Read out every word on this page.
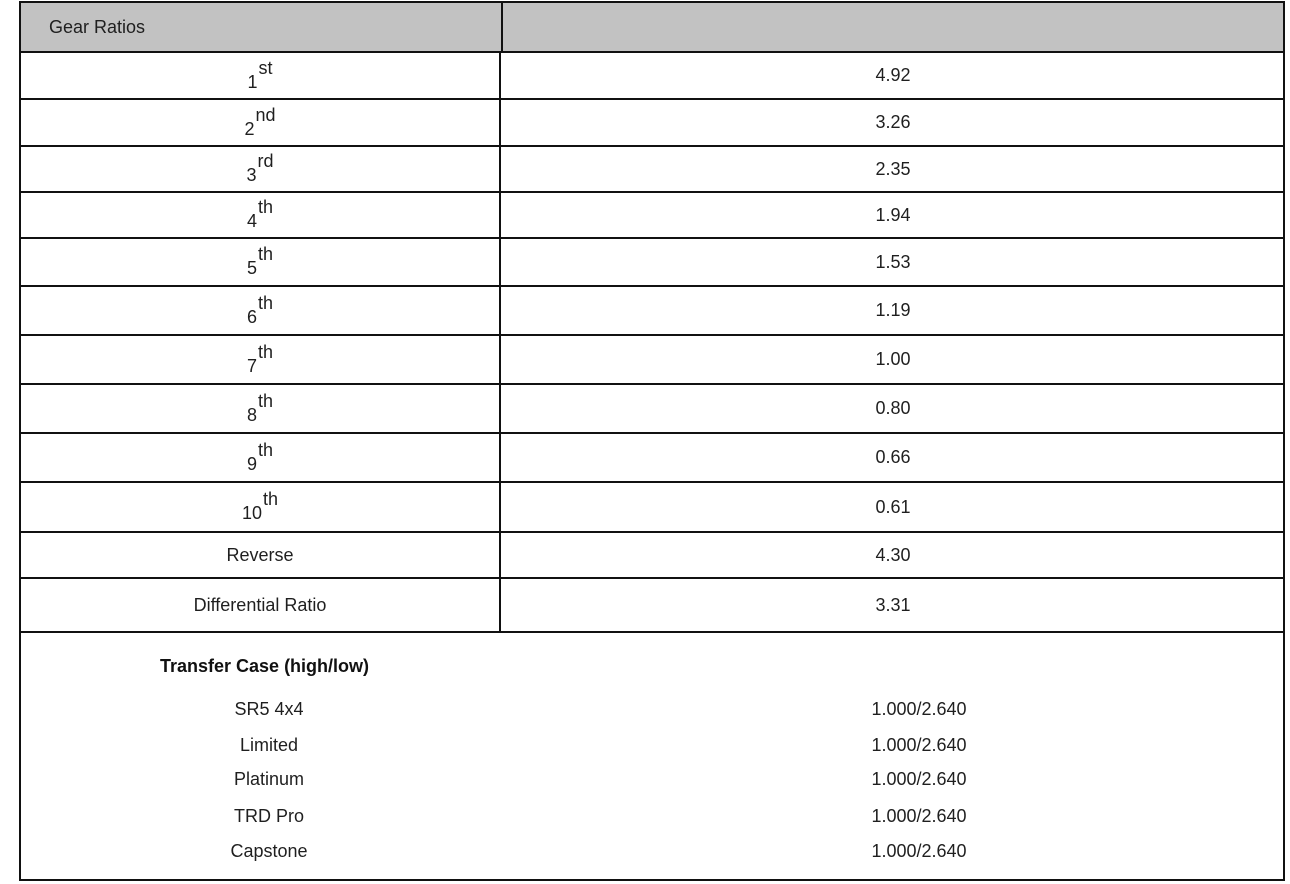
Gear Ratios
1st	4.92
2nd	3.26
3rd	2.35
4th	1.94
5th	1.53
6th	1.19
7th	1.00
8th	0.80
9th	0.66
10th	0.61
Reverse	4.30
Differential Ratio	3.31
Transfer Case (high/low)
SR5 4x4	1.000/2.640
Limited	1.000/2.640
Platinum	1.000/2.640
TRD Pro	1.000/2.640
Capstone	1.000/2.640
